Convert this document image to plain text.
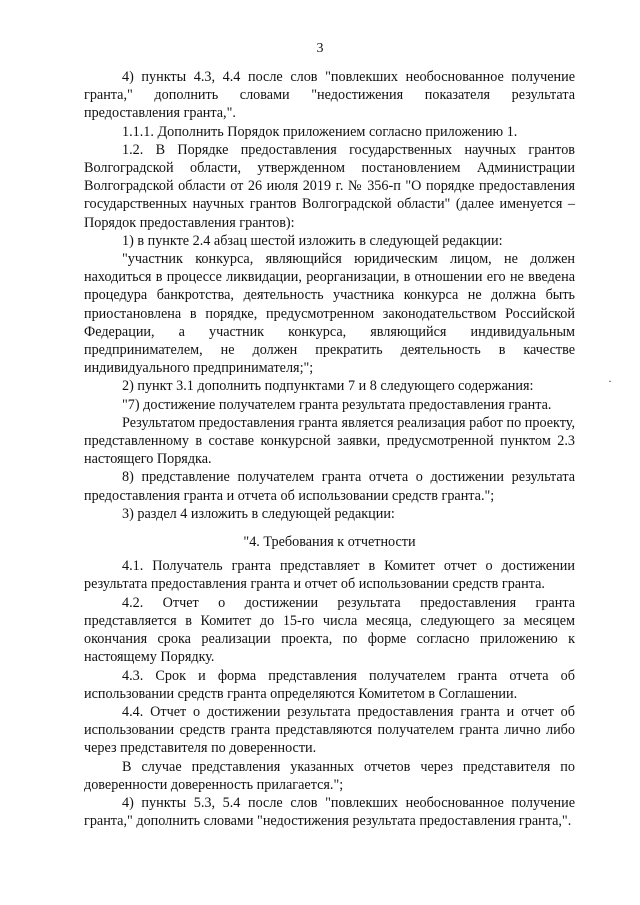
3

4) пункты 4.3, 4.4 после слов "повлекших необоснованное получение гранта," дополнить словами "недостижения показателя результата предоставления гранта,".

1.1.1. Дополнить Порядок приложением согласно приложению 1.

1.2. В Порядке предоставления государственных научных грантов Волгоградской области, утвержденном постановлением Администрации Волгоградской области от 26 июля 2019 г. № 356-п "О порядке предоставления государственных научных грантов Волгоградской области" (далее именуется – Порядок предоставления грантов):

1) в пункте 2.4 абзац шестой изложить в следующей редакции:

"участник конкурса, являющийся юридическим лицом, не должен находиться в процессе ликвидации, реорганизации, в отношении его не введена процедура банкротства, деятельность участника конкурса не должна быть приостановлена в порядке, предусмотренном законодательством Российской Федерации, а участник конкурса, являющийся индивидуальным предпринимателем, не должен прекратить деятельность в качестве индивидуального предпринимателя;";

2) пункт 3.1 дополнить подпунктами 7 и 8 следующего содержания:

"7) достижение получателем гранта результата предоставления гранта.

Результатом предоставления гранта является реализация работ по проекту, представленному в составе конкурсной заявки, предусмотренной пунктом 2.3 настоящего Порядка.

8) представление получателем гранта отчета о достижении результата предоставления гранта и отчета об использовании средств гранта.";

3) раздел 4 изложить в следующей редакции:

"4. Требования к отчетности

4.1. Получатель гранта представляет в Комитет отчет о достижении результата предоставления гранта и отчет об использовании средств гранта.

4.2. Отчет о достижении результата предоставления гранта представляется в Комитет до 15-го числа месяца, следующего за месяцем окончания срока реализации проекта, по форме согласно приложению к настоящему Порядку.

4.3. Срок и форма представления получателем гранта отчета об использовании средств гранта определяются Комитетом в Соглашении.

4.4. Отчет о достижении результата предоставления гранта и отчет об использовании средств гранта представляются получателем гранта лично либо через представителя по доверенности.

В случае представления указанных отчетов через представителя по доверенности доверенность прилагается.";

4) пункты 5.3, 5.4 после слов "повлекших необоснованное получение гранта," дополнить словами "недостижения результата предоставления гранта,".

·
